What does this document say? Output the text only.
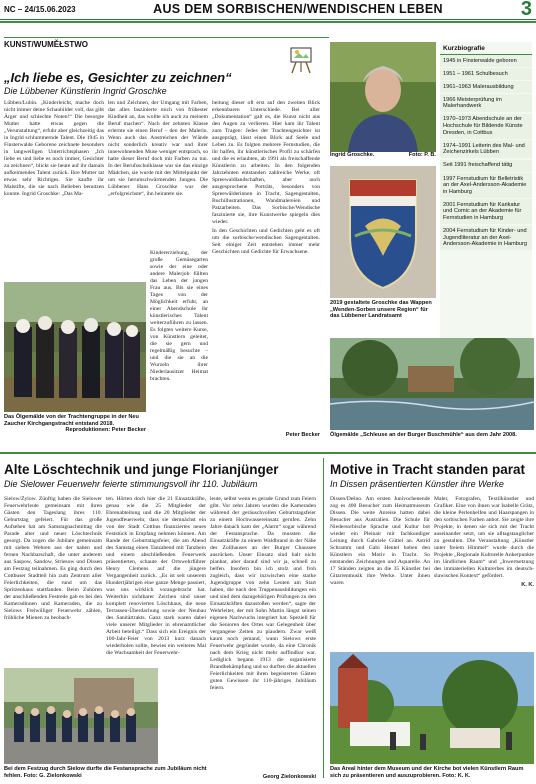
NC – 24/15.06.2023	AUS DEM SORBISCHEN/WENDISCHEN LEBEN	3
KUNST/WUMĚŁSTWO
„Ich liebe es, Gesichter zu zeichnen“
Die Lübbener Künstlerin Ingrid Groschke

Lübben/Lubin. „Kinderleicht, mache doch nicht immer deine Schaubilder voll, das gibt Ärger und schlechte Noten!“ Die besorgte Mutter hatte etwas gegen die „Verunstaltung“, erfuhr aber gleichzeitig das in Ingrid schlummernde Talent. Die 1945 in Finsterwalde Geborene zeichnete besonders in langweiligen Unterrichtsphasen „Ich liebe es und liebe es noch immer, Gesichter zu zeichnen“, blickt sie heute auf ihr damals aufkeimendes Talent zurück. Ihre Mutter tat etwas sehr Richtiges. Sie kaufte ihr Malstifte, die sie nach Belieben benutzen konnte. Ingrid Groschke: „Das Ma-

len und Zeichnen, der Umgang mit Farben, das alles faszinierte mich von frühester Kindheit an, das wollte ich auch zu meinem Beruf machen“. Nach der zehnten Klasse erlernte sie einen Beruf – den der Malerin. Wenn auch das Anstreichen der Wände nicht sonderlich kreativ war und ihrer innewohnenden Muse weniger entsprach, so hatte dieser Beruf doch mit Farben zu tun. In der Berufsschulklasse war sie das einzige Mädchen, sie wurde mit der Mittelpunkt der um sie herumschwärmenden Jungen. Die Lübbener Hans Groschke war der „erfolgreichste“, ihn heiratete sie.

Kindererziehung, der große Gemüsegarten sowie der eine oder andere Malerjob füllten das Leben der jungen Frau aus. Bis sie eines Tages von der Möglichkeit erfuhr, an einer Abendschule ihr künstlerisches Talent weiterzuführen zu lassen. Es folgten weitere Kurse, von Künstlern geleitet, die sie gern und regelmäßig besuchte – und die sie an die Wurzeln ihrer Niederlausitzer Heimat brachten.

beitung dieser oft erst auf den zweiten Blick erkennbaren Unterschiede. Bei aller „Dokumentation“ galt es, die Kunst nicht aus den Augen zu verlieren. Hier kam ihr Talent zum Tragen: Jedes der Trachtengesichter ist ausgeprägt, lässt einen Blick auf Seele und Leben zu. Es folgten mehrere Fernstudien, die ihr halfen, ihr künstlerisches Profil zu schärfen und die es erlaubten, ab 1991 als freischaffende Künstlerin zu arbeiten. In den folgenden Jahrzehnten entstanden zahlreiche Werke, oft Spreewaldlandschaften, aber auch ausgesprochene Porträts, besonders von Spreewälderinnen in Tracht, Sagengestalten, Buchillustrationen, Wandmalereien und Patzarbeiten. Das Sorbische/Wendische faszinierte sie, ihre Kunstwerke spiegeln dies wieder.

In den Geschichten und Gedichten geht es oft um die sorbische/wendischen Sagengestalten. Seit einiger Zeit entstehen immer mehr Geschichten und Gedichte für Erwachsene.

Peter Becker
Das Ölgemälde von der Trachtengruppe in der Neu Zaucher Kirchgangstracht entstand 2018.
Reproduktionen: Peter Becker
Ingrid Groschke.	Foto: P. B.
2019 gestaltete Groschke das Wappen „Wenden-Sorben unsere Region“ für das Lübbener Landratsamt
Ölgemälde „Schleuse an der Burger Buschmühle“ aus dem Jahr 2008.
Kurzbiografie
1945 in Finsterwalde geboren
1951 – 1961 Schulbesuch
1961–1963 Malerausbildung
1966 Meisterprüfung im Malerhandwerk
1970–1973 Abendschule an der Hochschule für Bildende Künste Dresden, in Cottbus
1974–1991 Leiterin des Mal- und Zeichenzirkels Lübben
Seit 1991 freischaffend tätig
1997 Fernstudium für Belletristik an der Axel-Andersson-Akademie in Hamburg
2001 Fernstudium für Karikatur und Comic an der Akademie für Fernstudien in Hamburg
2004 Fernstudium für Kinder- und Jugendliteratur an der Axel-Andersson-Akademie in Hamburg
Alte Löschtechnik und junge Florianjünger
Die Sielower Feuerwehr feierte stimmungsvoll ihr 110. Jubiläum

Sielow/Žylow. Zünftig haben die Sielower Feuerwehrleute gemeinsam mit ihren Gästen den Tageslang ihres 110. Geburtstag gefeiert. Für das große Aufsehen hat am Samstagnachmittag die Parade alter und neuer Löschtechnik gesorgt. Da zogen die Jubilare gemeinsam mit sieben Wehren aus der nahen und fernen Nachbarschaft, die unter anderem aus Saspow, Sandow, Striesow und Dissen am Festzug teilnahmen. Es ging durch den Cottbuser Stadtteil hin zum Zentrum aller Feierlichkeiten, die rund um das Spritzenhaus stattfanden. Beim Zuhören der anschließenden Festrede gab es bei den Kameradinnen und Kameraden, die zu Sielows Freiwilliger Feuerwehr zählen, fröhliche Mienen zu beobach-

ten. Hörten doch hier die 21 Einsatzkräfte, genau wie die 25 Mitglieder der Ehrenabteilung und die 20 Mitglieder der Jugendfeuerwehr, dass sie demnächst ein von der Stadt Cottbus finanziertes neues Feststück in Empfang nehmen können. Am Rande der Geburtstagsfeier, die am Abend des Samstag einen Tanzabend mit Tanzbein und einem abschließenden Feuerwerk präsentierten, schaute der Ortswehrführer Henry Clemens auf die jüngere Vergangenheit zurück. „Es ist seit unserem Hundertjährigen eine ganze Menge passiert, was uns wirklich vorangebracht hat. Weiterhin sichtbarer Zeichen sind unser komplett renoviertes Löschhaus, die neue Terrassen-Überdachung sowie der Neubau des Sanitärtrakts. Ganz stark waren dabei viele unserer Mitglieder in ehrenamtlicher Arbeit beteiligt.“ Dass sich ein Ereignis der 100-Jahr-Feier von 2013 kurz danach wiederholen sollte, bewies ein weiteres Mal die Wachsamkeit der Feuerwehr-

leute, selbst wenn es gerade Grund zum Feiern gibt. Vor zehn Jahren wurden die Kameraden während der geräuschvollen Geburtstagsfeier zu einem Hochwassereinsatz gerufen. Zehn Jahre danach kam der „Alarm“ sogar während der Festansprache. Da mussten die Einsatzkräfte zu einem Waldbrand in der Nähe des Zollhauses an der Burger Chaussee ausrücken. Unser Einsatz sind halt nicht planbar, aber darauf sind wir ja, schnell zu helfen. Insofern bin ich stolz und froh zugleich, dass wir inzwischen eine starke Jugendgruppe von zehn Leuten am Start haben, die nach den Truppenausbildungen ein und sind dem dazugehörigen Prüfungen zu den Einsatzkräften dazustoßen werden“, sagte der Wehrleiter, der mit Sohn Martin längst seinen eigenen Nachwuchs integriert hat. Speziell für die Senioren des Ortes war Gelegenheit über vergangene Zeiten zu plaudern. Zwar weiß kaum noch jemand, wann Sielows erste Feuerwehr gegründet wurde, da eine Chronik nach dem Krieg nicht mehr auffindbar war. Lediglich begann 1913 die organisierte Brandbekämpfung und so durften die aktuellen Feierlichkeiten mit ihren begeisterten Gästen guten Gewissen ihr 110-jähriges Jubiläum feiern.

Georg Zielonkowski
Bei dem Festzug durch Sielow durfte die Festansprache zum Jubiläum nicht fehlen. Foto: G. Zielonkowski
Motive in Tracht standen parat
In Dissen präsentierten Künstler ihre Werke

Dissen/Dešno. Am ersten Junivochenende zog es 400 Besucher zum Heimatmuseum Dissen. Die weite Anreise hatten dabei Besucher aus Australien. Die Schule für Niedersorbische Sprache und Kultur bot wieder ein Pleinair mit fachkundiger Leitung durch Gabriele Güttel an. Astrid Schramm und Gabi Hentel hoben den Künstlern ein Motiv in Tracht. So entstanden Zeichnungen und Aquarelle. An 17 Ständen zeigten an die 35 Künstler bei Gitarrenmusik ihre Werke. Unter ihnen waren

Maler, Fotografen, Textilkünstler und Grafiker. Eine von ihnen war Isabelle Grätz, die kleine Perlenhelfen und Haarspangen in den sorbischen Farben anbot. Sie zeigte ihre Projekte, in denen sie sich mit der Tracht auseinander setzt, um sie alltagstauglicher zu gestalten. Die Veranstaltung „Künstler unter freiem Himmel“ wurde durch die Projekte „Regionale Kulturelle Ankerpunkte im ländlichen Raum“ und „Inwertsetzung des immateriellen Kulturerbes im deutsch-slawischen Kontext“ gefördert.

K. K.
Das Areal hinter dem Museum und der Kirche bot vielen Künstlern Raum sich zu präsentieren und auszuprobieren. Foto: K. K.
